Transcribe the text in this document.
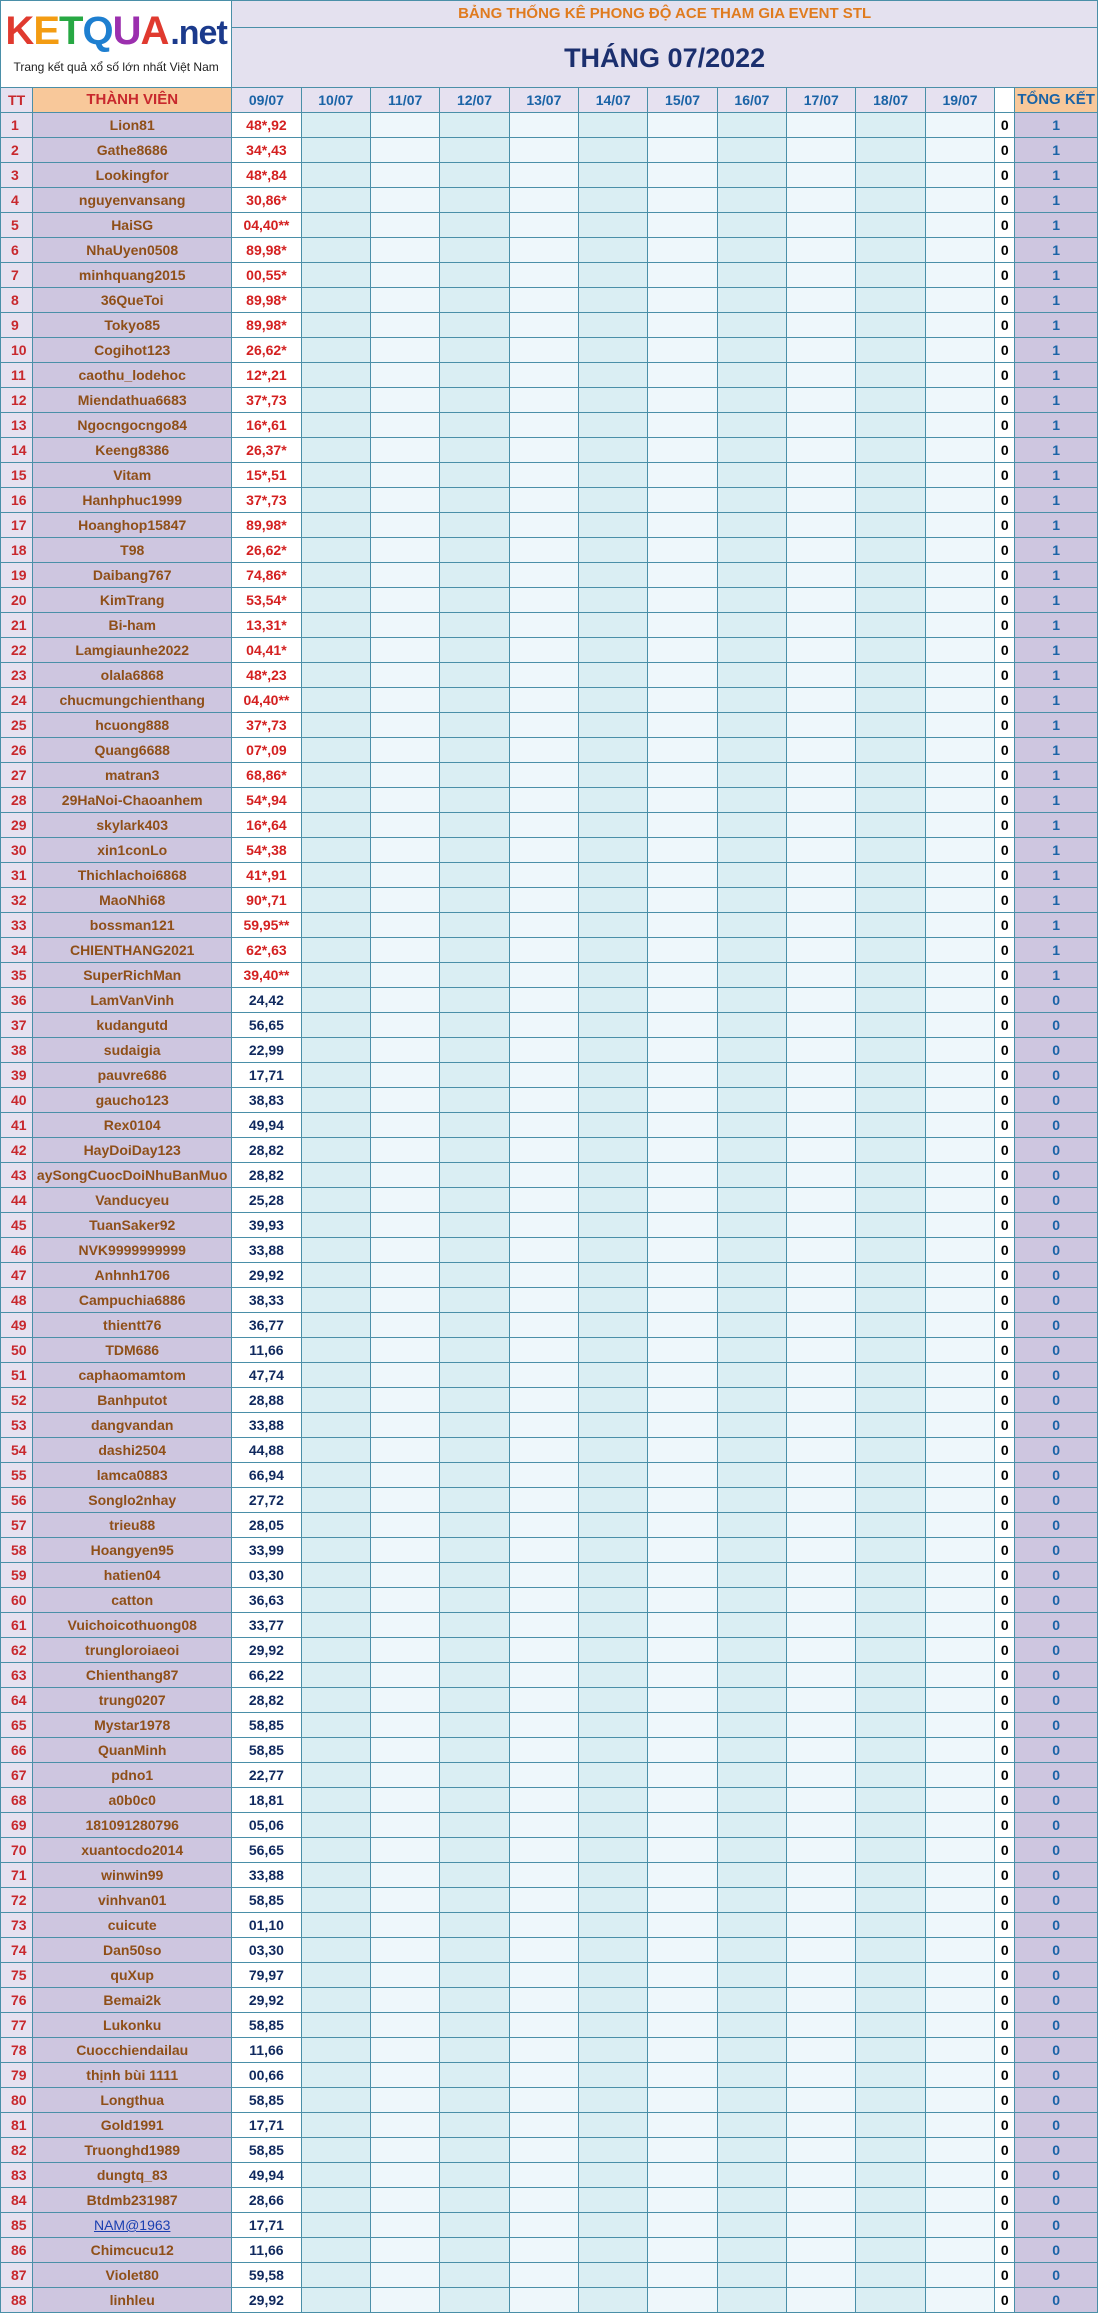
KETQUA.net
Trang kết quả xổ số lớn nhất Việt Nam		BẢNG THỐNG KÊ PHONG ĐỘ ACE THAM GIA EVENT STL												
		THÁNG 07/2022												
TT	THÀNH VIÊN	09/07	10/07	11/07	12/07	13/07	14/07	15/07	16/07	17/07	18/07	19/07		TỔNG KẾT
1	Lion81	48*,92											0	1
2	Gathe8686	34*,43											0	1
3	Lookingfor	48*,84											0	1
4	nguyenvansang	30,86*											0	1
5	HaiSG	04,40**											0	1
6	NhaUyen0508	89,98*											0	1
7	minhquang2015	00,55*											0	1
8	36QueToi	89,98*											0	1
9	Tokyo85	89,98*											0	1
10	Cogihot123	26,62*											0	1
11	caothu_lodehoc	12*,21											0	1
12	Miendathua6683	37*,73											0	1
13	Ngocngocngo84	16*,61											0	1
14	Keeng8386	26,37*											0	1
15	Vitam	15*,51											0	1
16	Hanhphuc1999	37*,73											0	1
17	Hoanghop15847	89,98*											0	1
18	T98	26,62*											0	1
19	Daibang767	74,86*											0	1
20	KimTrang	53,54*											0	1
21	Bi-ham	13,31*											0	1
22	Lamgiaunhe2022	04,41*											0	1
23	olala6868	48*,23											0	1
24	chucmungchienthang	04,40**											0	1
25	hcuong888	37*,73											0	1
26	Quang6688	07*,09											0	1
27	matran3	68,86*											0	1
28	29HaNoi-Chaoanhem	54*,94											0	1
29	skylark403	16*,64											0	1
30	xin1conLo	54*,38											0	1
31	Thichlachoi6868	41*,91											0	1
32	MaoNhi68	90*,71											0	1
33	bossman121	59,95**											0	1
34	CHIENTHANG2021	62*,63											0	1
35	SuperRichMan	39,40**											0	1
36	LamVanVinh	24,42											0	0
37	kudangutd	56,65											0	0
38	sudaigia	22,99											0	0
39	pauvre686	17,71											0	0
40	gaucho123	38,83											0	0
41	Rex0104	49,94											0	0
42	HayDoiDay123	28,82											0	0
43	aySongCuocDoiNhuBanMuo	28,82											0	0
44	Vanducyeu	25,28											0	0
45	TuanSaker92	39,93											0	0
46	NVK9999999999	33,88											0	0
47	Anhnh1706	29,92											0	0
48	Campuchia6886	38,33											0	0
49	thientt76	36,77											0	0
50	TDM686	11,66											0	0
51	caphaomamtom	47,74											0	0
52	Banhputot	28,88											0	0
53	dangvandan	33,88											0	0
54	dashi2504	44,88											0	0
55	lamca0883	66,94											0	0
56	Songlo2nhay	27,72											0	0
57	trieu88	28,05											0	0
58	Hoangyen95	33,99											0	0
59	hatien04	03,30											0	0
60	catton	36,63											0	0
61	Vuichoicothuong08	33,77											0	0
62	trungloroiaeoi	29,92											0	0
63	Chienthang87	66,22											0	0
64	trung0207	28,82											0	0
65	Mystar1978	58,85											0	0
66	QuanMinh	58,85											0	0
67	pdno1	22,77											0	0
68	a0b0c0	18,81											0	0
69	181091280796	05,06											0	0
70	xuantocdo2014	56,65											0	0
71	winwin99	33,88											0	0
72	vinhvan01	58,85											0	0
73	cuicute	01,10											0	0
74	Dan50so	03,30											0	0
75	quXup	79,97											0	0
76	Bemai2k	29,92											0	0
77	Lukonku	58,85											0	0
78	Cuocchiendailau	11,66											0	0
79	thịnh bùi 1111	00,66											0	0
80	Longthua	58,85											0	0
81	Gold1991	17,71											0	0
82	Truonghd1989	58,85											0	0
83	dungtq_83	49,94											0	0
84	Btdmb231987	28,66											0	0
85	NAM@1963	17,71											0	0
86	Chimcucu12	11,66											0	0
87	Violet80	59,58											0	0
88	linhleu	29,92											0	0
